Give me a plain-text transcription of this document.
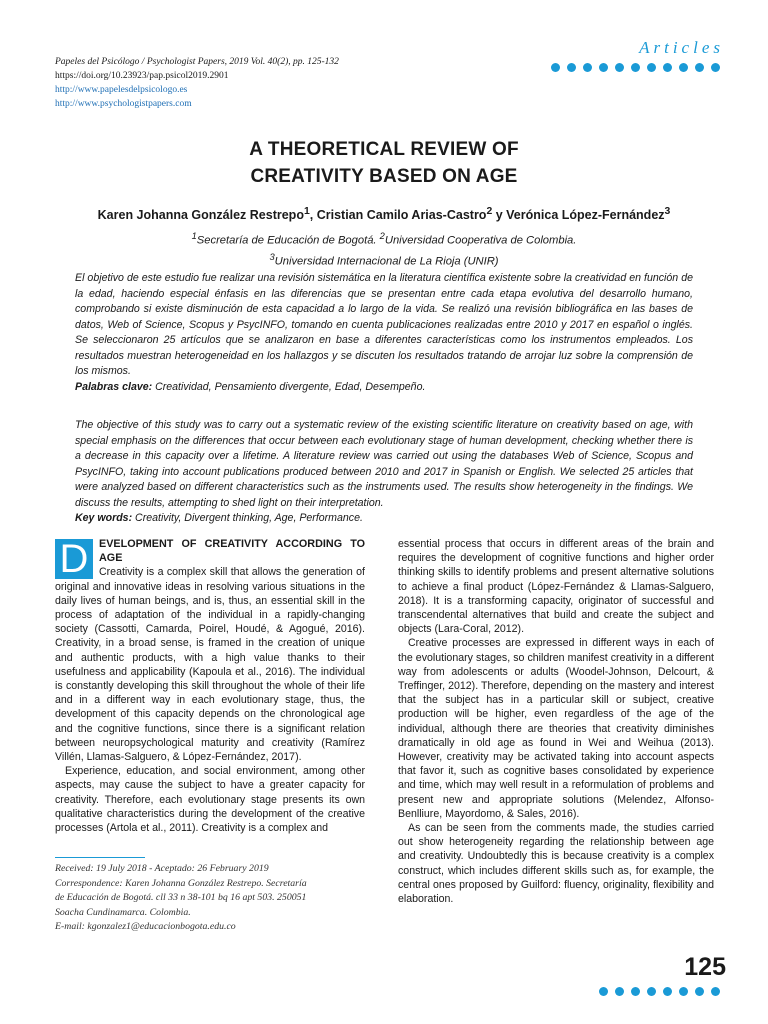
Papeles del Psicólogo / Psychologist Papers, 2019 Vol. 40(2), pp. 125-132
https://doi.org/10.23923/pap.psicol2019.2901
http://www.papelesdelpsicologo.es
http://www.psychologistpapers.com
Articles
A THEORETICAL REVIEW OF
CREATIVITY BASED ON AGE
Karen Johanna González Restrepo$^1$, Cristian Camilo Arias-Castro$^2$ y Verónica López-Fernández$^3$
$^1$Secretaría de Educación de Bogotá. $^2$Universidad Cooperativa de Colombia.
$^3$Universidad Internacional de La Rioja (UNIR)
El objetivo de este estudio fue realizar una revisión sistemática en la literatura científica existente sobre la creatividad en función de la edad, haciendo especial énfasis en las diferencias que se presentan entre cada etapa evolutiva del desarrollo humano, comprobando si existe disminución de esta capacidad a lo largo de la vida. Se realizó una revisión bibliográfica en las bases de datos, Web of Science, Scopus y PsycINFO, tomando en cuenta publicaciones realizadas entre 2010 y 2017 en español o inglés. Se seleccionaron 25 artículos que se analizaron en base a diferentes características como los instrumentos empleados. Los resultados muestran heterogeneidad en los hallazgos y se discuten los resultados tratando de arrojar luz sobre la comprensión de los mismos.
Palabras clave: Creatividad, Pensamiento divergente, Edad, Desempeño.
The objective of this study was to carry out a systematic review of the existing scientific literature on creativity based on age, with special emphasis on the differences that occur between each evolutionary stage of human development, checking whether there is a decrease in this capacity over a lifetime. A literature review was carried out using the databases Web of Science, Scopus and PsycINFO, taking into account publications produced between 2010 and 2017 in Spanish or English. We selected 25 articles that were analyzed based on different characteristics such as the instruments used. The results show heterogeneity in the findings. We discuss the results, attempting to shed light on their interpretation.
Key words: Creativity, Divergent thinking, Age, Performance.
D EVELOPMENT OF CREATIVITY ACCORDING TO AGE

Creativity is a complex skill that allows the generation of original and innovative ideas in resolving various situations in the daily lives of human beings, and is, thus, an essential skill in the process of adaptation of the individual in a rapidly-changing society (Cassotti, Camarda, Poirel, Houdé, & Agogué, 2016). Creativity, in a broad sense, is framed in the creation of unique and authentic products, with a high value thanks to their usefulness and applicability (Kapoula et al., 2016). The individual is constantly developing this skill throughout the whole of their life and in a different way in each evolutionary stage, thus, the development of this capacity depends on the chronological age and the cognitive functions, since there is a significant relation between neuropsychological maturity and creativity (Ramírez Villén, Llamas-Salguero, & López-Fernández, 2017).

Experience, education, and social environment, among other aspects, may cause the subject to have a greater capacity for creativity. Therefore, each evolutionary stage presents its own qualitative characteristics during the development of the creative processes (Artola et al., 2011). Creativity is a complex and

essential process that occurs in different areas of the brain and requires the development of cognitive functions and higher order thinking skills to identify problems and present alternative solutions to achieve a final product (López-Fernández & Llamas-Salguero, 2018). It is a transforming capacity, originator of successful and transcendental alternatives that build and create the subject and objects (Lara-Coral, 2012).

Creative processes are expressed in different ways in each of the evolutionary stages, so children manifest creativity in a different way from adolescents or adults (Woodel-Johnson, Delcourt, & Treffinger, 2012). Therefore, depending on the mastery and interest that the subject has in a particular skill or subject, creative production will be higher, even regardless of the age of the individual, although there are theories that creativity diminishes dramatically in old age as found in Wei and Weihua (2013). However, creativity may be activated taking into account aspects that favor it, such as cognitive bases consolidated by experience and time, which may well result in a reformulation of problems and present new and appropriate solutions (Melendez, Alfonso-Benlliure, Mayordomo, & Sales, 2016).

As can be seen from the comments made, the studies carried out show heterogeneity regarding the relationship between age and creativity. Undoubtedly this is because creativity is a complex construct, which includes different skills such as, for example, the central ones proposed by Guilford: fluency, originality, flexibility and elaboration.

Received: 19 July 2018 - Aceptado: 26 February 2019
Correspondence: Karen Johanna González Restrepo. Secretaría
de Educación de Bogotá. cll 33 n 38-101 bq 16 apt 503. 250051
Soacha Cundinamarca. Colombia.
E-mail: kgonzalez1@educacionbogota.edu.co
125
